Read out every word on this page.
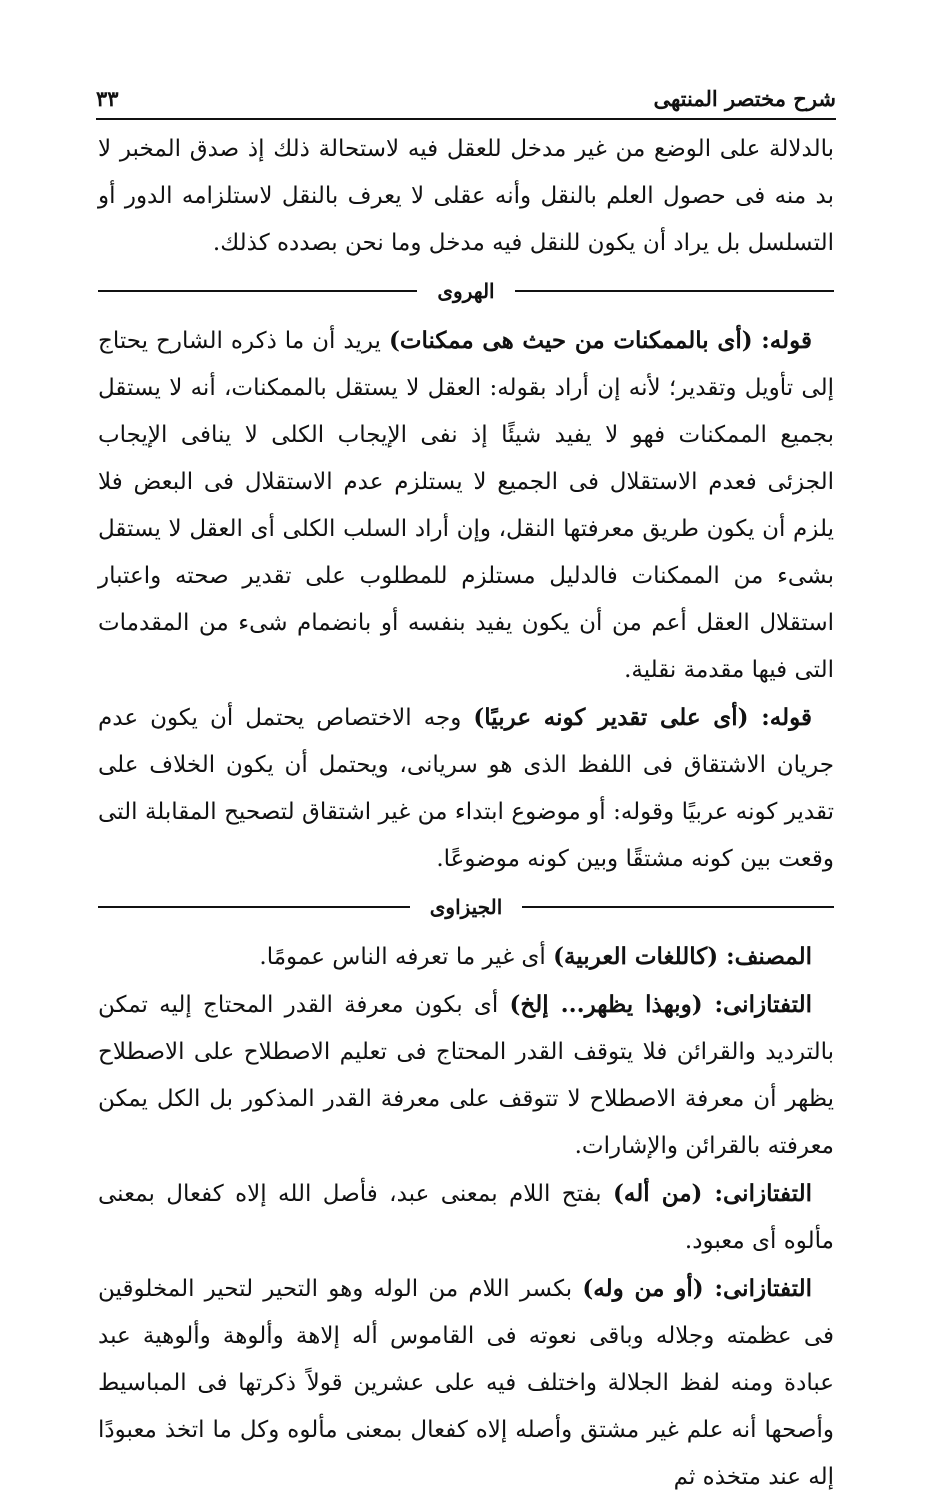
شرح مختصر المنتهى
٣٣

بالدلالة على الوضع من غير مدخل للعقل فيه لاستحالة ذلك إذ صدق المخبر لا بد منه فى حصول العلم بالنقل وأنه عقلى لا يعرف بالنقل لاستلزامه الدور أو التسلسل بل يراد أن يكون للنقل فيه مدخل وما نحن بصدده كذلك.

الهروى

قوله: (أى بالممكنات من حيث هى ممكنات) يريد أن ما ذكره الشارح يحتاج إلى تأويل وتقدير؛ لأنه إن أراد بقوله: العقل لا يستقل بالممكنات، أنه لا يستقل بجميع الممكنات فهو لا يفيد شيئًا إذ نفى الإيجاب الكلى لا ينافى الإيجاب الجزئى فعدم الاستقلال فى الجميع لا يستلزم عدم الاستقلال فى البعض فلا يلزم أن يكون طريق معرفتها النقل، وإن أراد السلب الكلى أى العقل لا يستقل بشىء من الممكنات فالدليل مستلزم للمطلوب على تقدير صحته واعتبار استقلال العقل أعم من أن يكون يفيد بنفسه أو بانضمام شىء من المقدمات التى فيها مقدمة نقلية.

قوله: (أى على تقدير كونه عربيًا) وجه الاختصاص يحتمل أن يكون عدم جريان الاشتقاق فى اللفظ الذى هو سريانى، ويحتمل أن يكون الخلاف على تقدير كونه عربيًا وقوله: أو موضوع ابتداء من غير اشتقاق لتصحيح المقابلة التى وقعت بين كونه مشتقًا وبين كونه موضوعًا.

الجيزاوى

المصنف: (كاللغات العربية) أى غير ما تعرفه الناس عمومًا.

التفتازانى: (وبهذا يظهر... إلخ) أى بكون معرفة القدر المحتاج إليه تمكن بالترديد والقرائن فلا يتوقف القدر المحتاج فى تعليم الاصطلاح على الاصطلاح يظهر أن معرفة الاصطلاح لا تتوقف على معرفة القدر المذكور بل الكل يمكن معرفته بالقرائن والإشارات.

التفتازانى: (من أله) بفتح اللام بمعنى عبد، فأصل الله إلاه كفعال بمعنى مألوه أى معبود.

التفتازانى: (أو من وله) بكسر اللام من الوله وهو التحير لتحير المخلوقين فى عظمته وجلاله وباقى نعوته فى القاموس أله إلاهة وألوهة وألوهية عبد عبادة ومنه لفظ الجلالة واختلف فيه على عشرين قولاً ذكرتها فى المباسيط وأصحها أنه علم غير مشتق وأصله إلاه كفعال بمعنى مألوه وكل ما اتخذ معبودًا إله عند متخذه ثم
